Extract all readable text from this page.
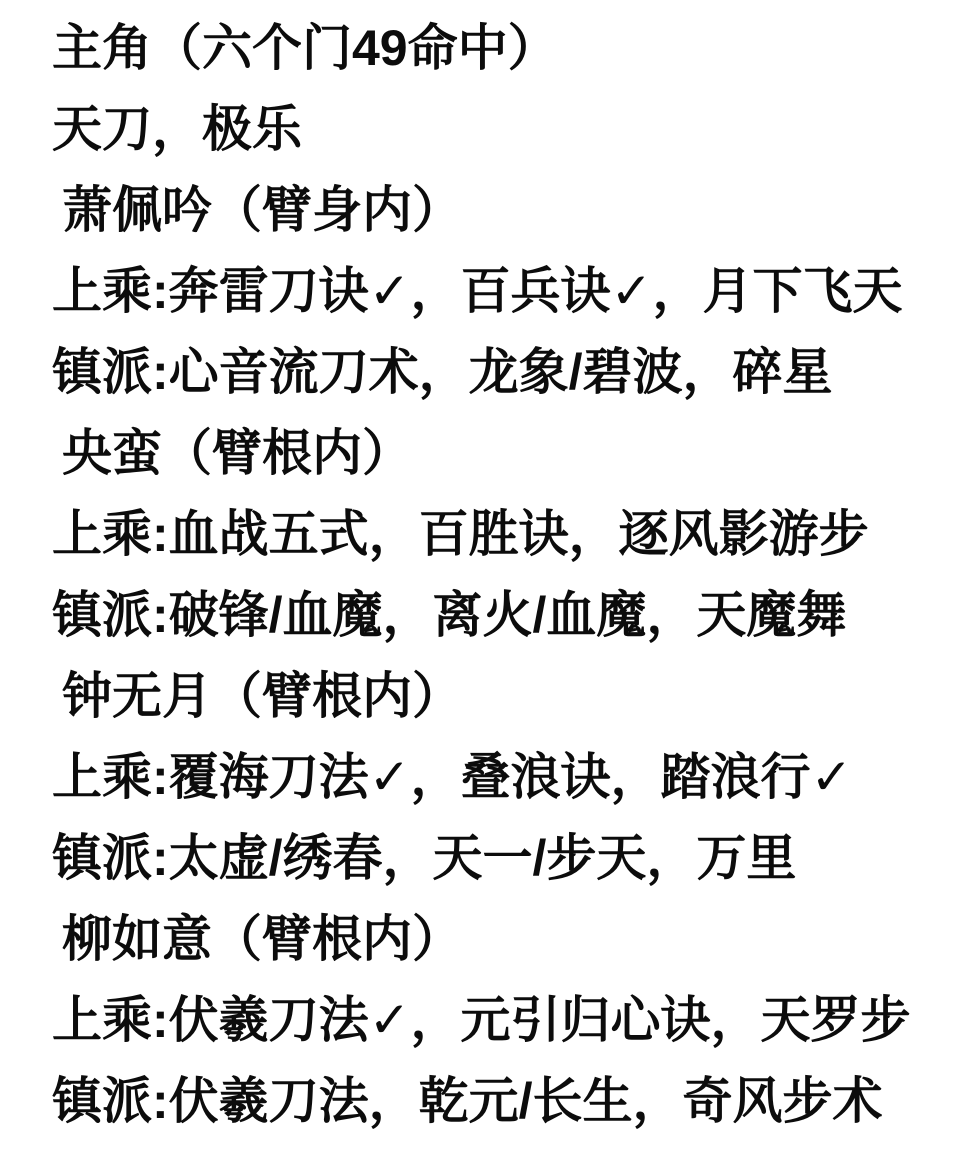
主角（六个门49命中）
天刀，极乐
萧佩吟（臂身内）
上乘:奔雷刀诀✓，百兵诀✓，月下飞天
镇派:心音流刀术，龙象/碧波，碎星
央蛮（臂根内）
上乘:血战五式，百胜诀，逐风影游步
镇派:破锋/血魔，离火/血魔，天魔舞
钟无月（臂根内）
上乘:覆海刀法✓，叠浪诀，踏浪行✓
镇派:太虚/绣春，天一/步天，万里
柳如意（臂根内）
上乘:伏羲刀法✓，元引归心诀，天罗步
镇派:伏羲刀法，乾元/长生，奇风步术
